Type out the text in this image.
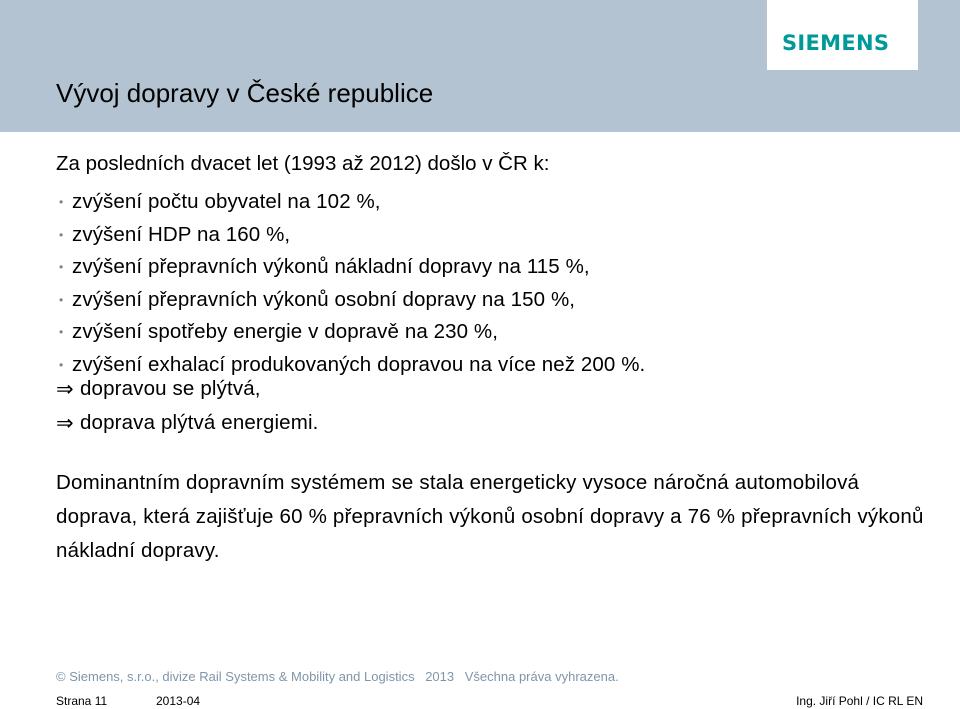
SIEMENS
Vývoj dopravy v České republice
Za posledních dvacet let (1993 až 2012) došlo v ČR k:
• zvýšení počtu obyvatel na 102 %,
• zvýšení HDP na 160 %,
• zvýšení přepravních výkonů nákladní dopravy na 115 %,
• zvýšení přepravních výkonů osobní dopravy na 150 %,
• zvýšení spotřeby energie v dopravě na 230 %,
• zvýšení exhalací produkovaných dopravou na více než 200 %.
⇒ dopravou se plýtvá,
⇒ doprava plýtvá energiemi.

Dominantním dopravním systémem se stala energeticky vysoce náročná automobilová doprava, která zajišťuje 60 % přepravních výkonů osobní dopravy a 76 % přepravních výkonů nákladní dopravy.

© Siemens, s.r.o., divize Rail Systems & Mobility and Logistics 2013 Všechna práva vyhrazena.
Strana 11	2013-04	Ing. Jiří Pohl / IC RL EN
